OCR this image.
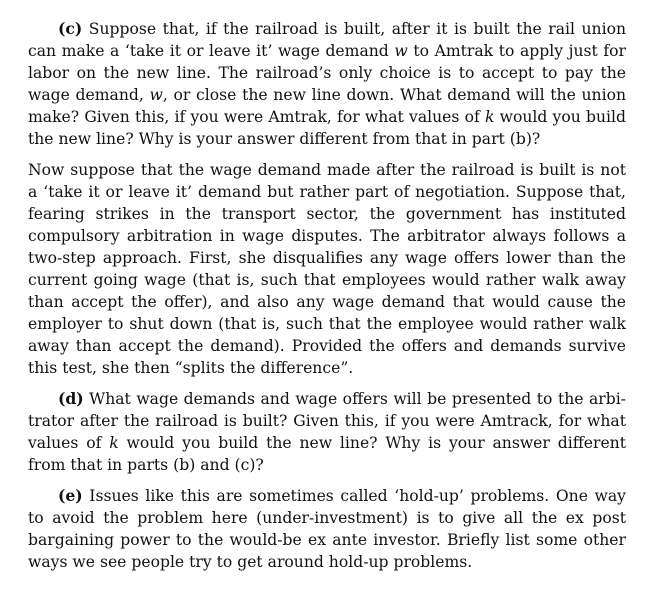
(c) Suppose that, if the railroad is built, after it is built the rail union can make a ‘take it or leave it’ wage demand w to Amtrak to apply just for labor on the new line. The railroad’s only choice is to accept to pay the wage demand, w, or close the new line down. What demand will the union make? Given this, if you were Amtrak, for what values of k would you build the new line? Why is your answer different from that in part (b)?

Now suppose that the wage demand made after the railroad is built is not a ‘take it or leave it’ demand but rather part of negotiation. Suppose that, fearing strikes in the transport sector, the government has instituted compulsory arbitration in wage disputes. The arbitrator always follows a two-step approach. First, she disqualifies any wage offers lower than the current going wage (that is, such that employees would rather walk away than accept the offer), and also any wage demand that would cause the employer to shut down (that is, such that the employee would rather walk away than accept the demand). Provided the offers and demands survive this test, she then “splits the difference”.

(d) What wage demands and wage offers will be presented to the arbitrator after the railroad is built? Given this, if you were Amtrack, for what values of k would you build the new line? Why is your answer different from that in parts (b) and (c)?

(e) Issues like this are sometimes called ‘hold-up’ problems. One way to avoid the problem here (under-investment) is to give all the ex post bargaining power to the would-be ex ante investor. Briefly list some other ways we see people try to get around hold-up problems.
